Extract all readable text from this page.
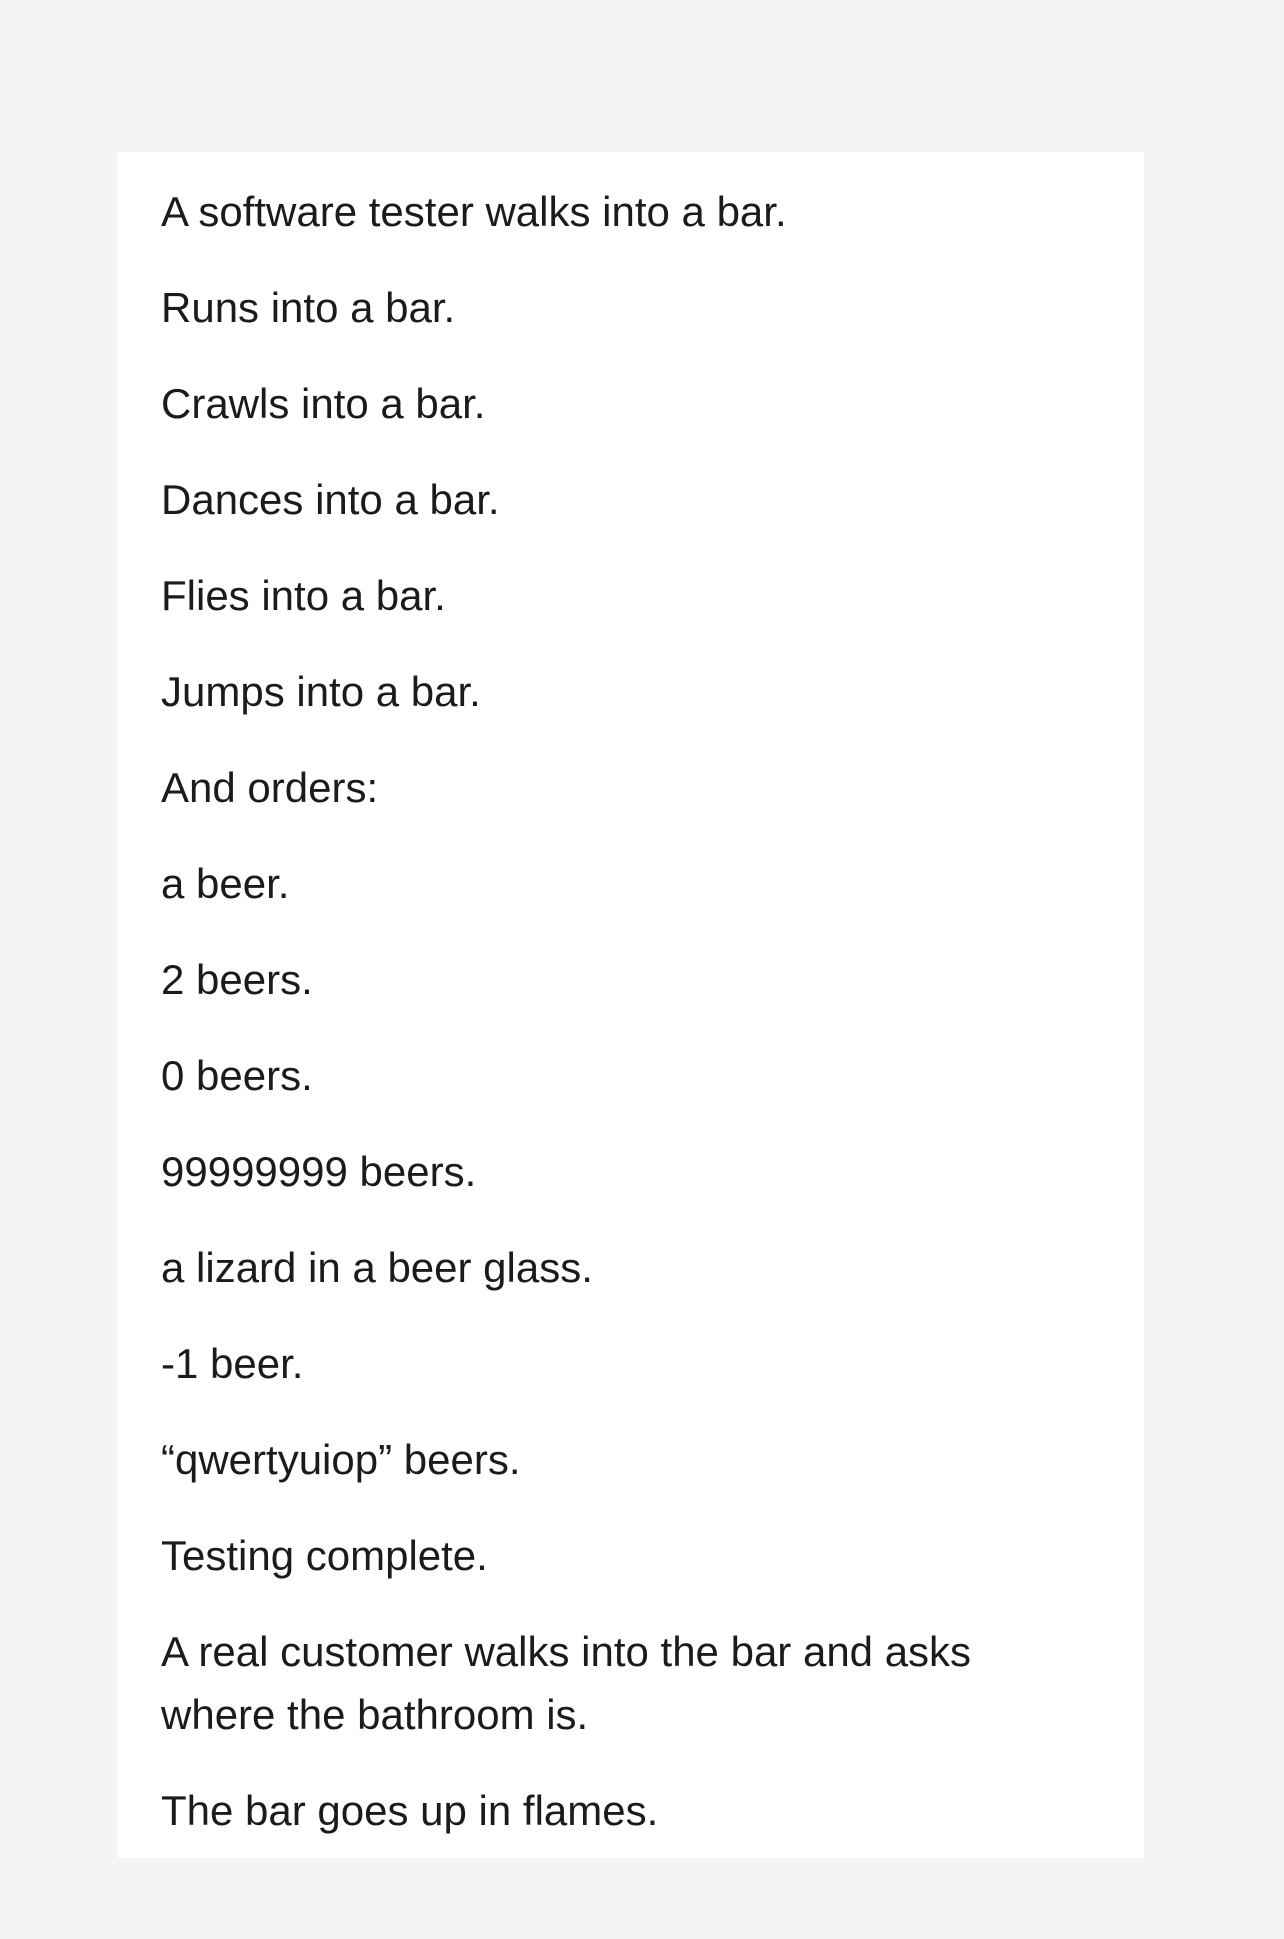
A software tester walks into a bar.

Runs into a bar.

Crawls into a bar.

Dances into a bar.

Flies into a bar.

Jumps into a bar.

And orders:

a beer.

2 beers.

0 beers.

99999999 beers.

a lizard in a beer glass.

-1 beer.

“qwertyuiop” beers.

Testing complete.

A real customer walks into the bar and asks where the bathroom is.

The bar goes up in flames.
